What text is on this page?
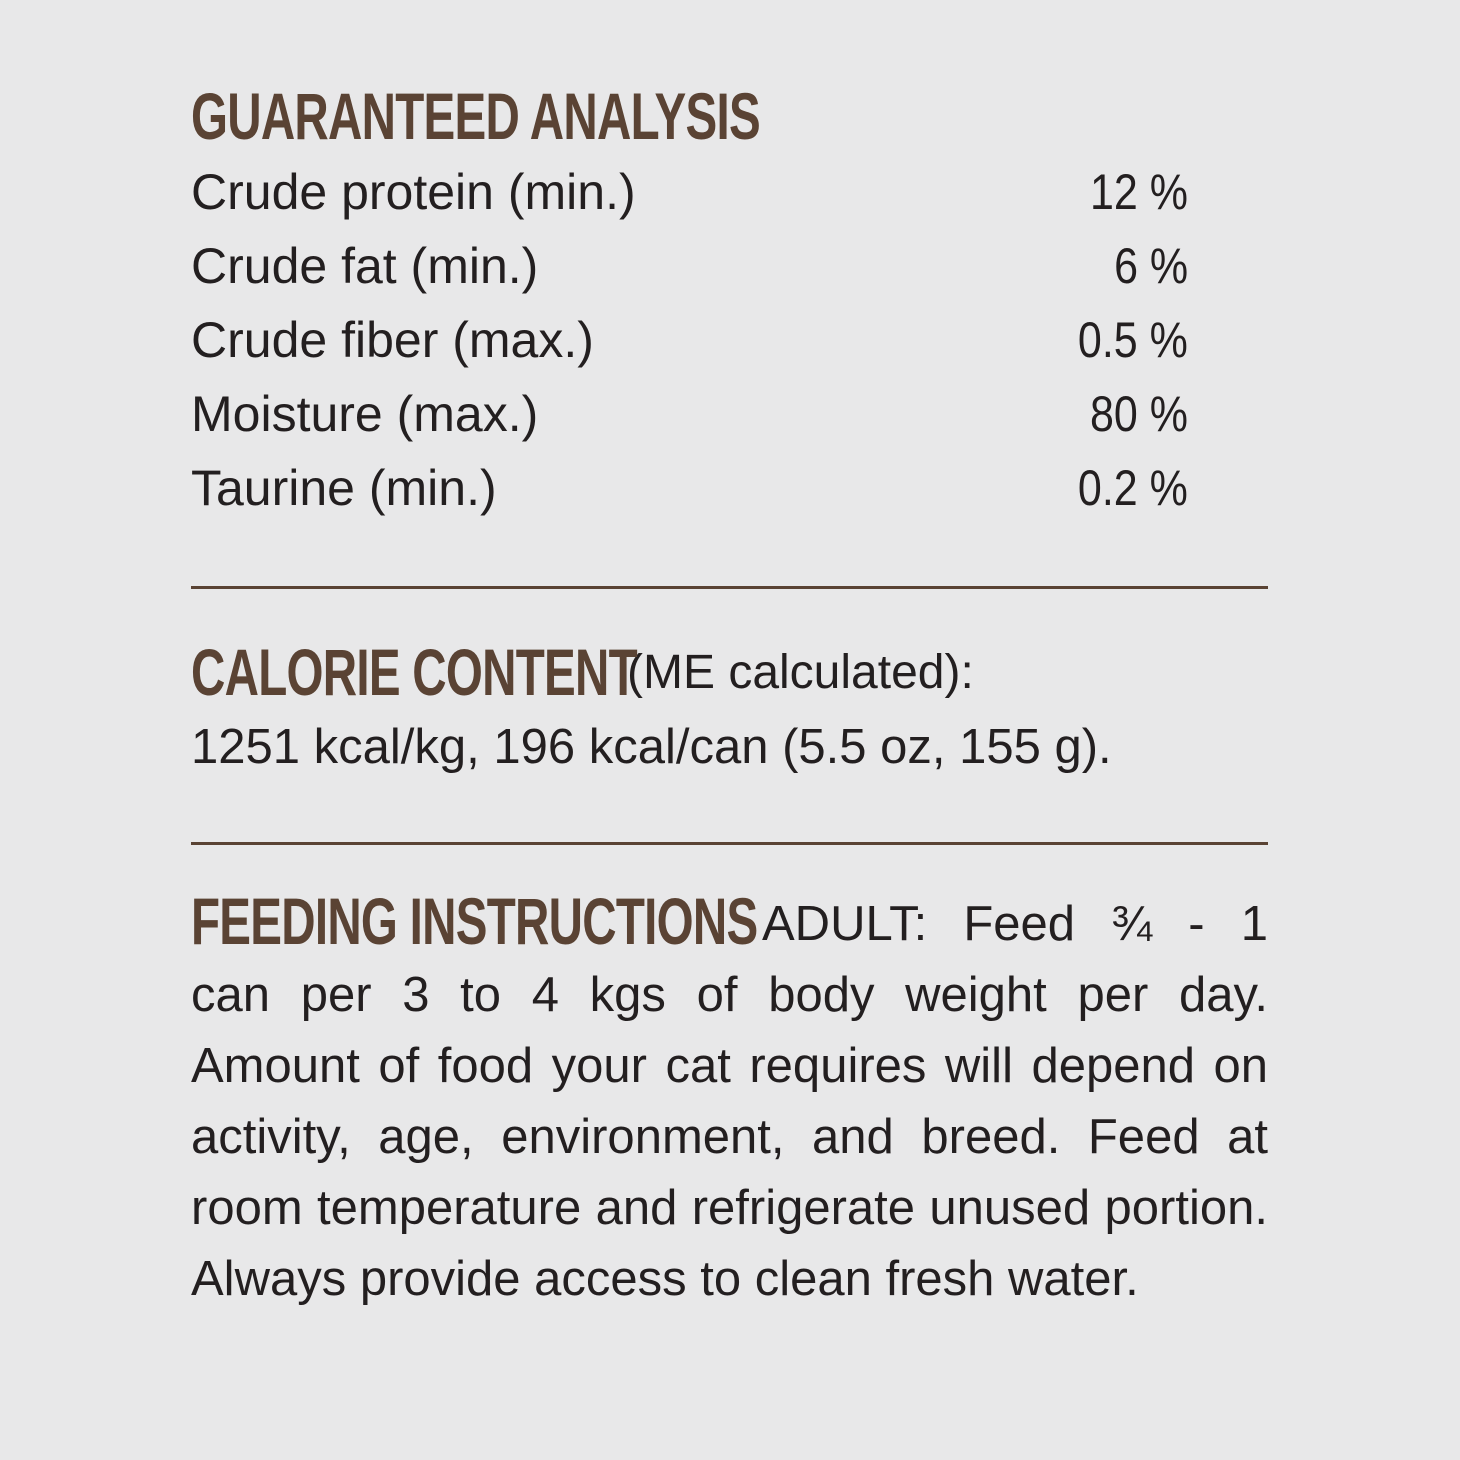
GUARANTEED ANALYSIS
Crude protein (min.)	12 %
Crude fat (min.)	6 %
Crude fiber (max.)	0.5 %
Moisture (max.)	80 %
Taurine (min.)	0.2 %
CALORIE CONTENT
(ME calculated):
1251 kcal/kg, 196 kcal/can (5.5 oz, 155 g).
FEEDING INSTRUCTIONS ADULT: Feed ¾ - 1
can per 3 to 4 kgs of body weight per day. Amount of food your cat requires will depend on activity, age, environment, and breed. Feed at room temperature and refrigerate unused portion. Always provide access to clean fresh water.
